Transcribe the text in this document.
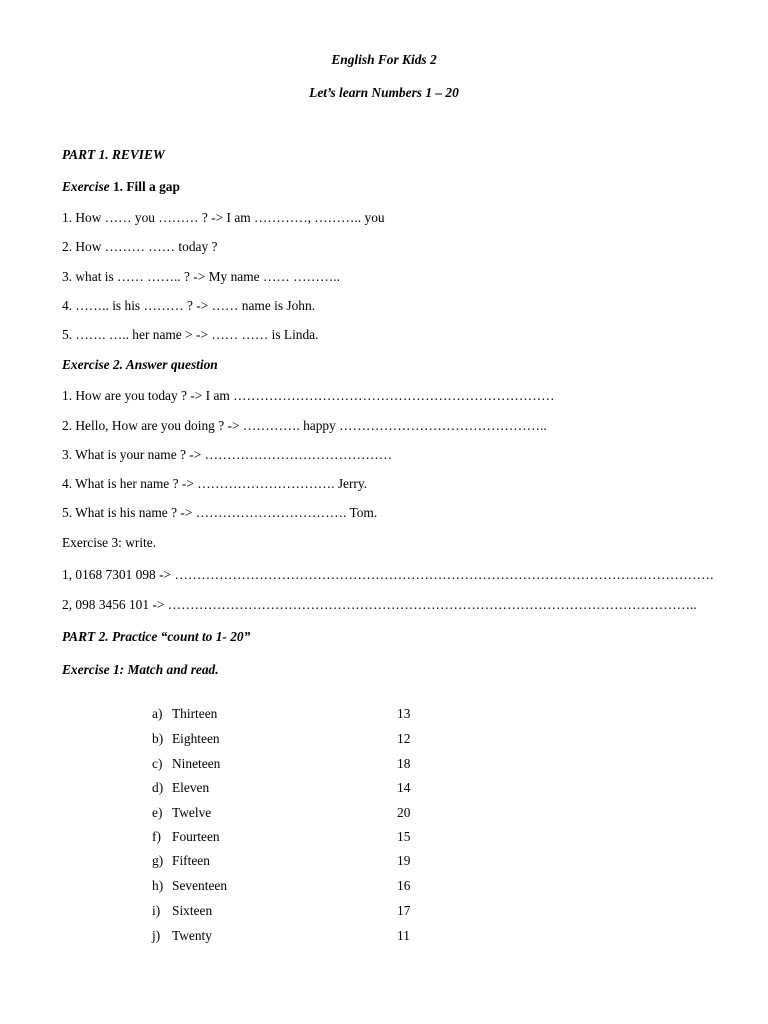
English For Kids 2
Let’s learn Numbers 1 – 20
PART 1. REVIEW
Exercise 1. Fill a gap
1. How …… you ……… ? -> I am …………, ……….. you
2. How ……… …… today ?
3. what is …… …….. ? -> My name …… ………..
4. …….. is his ……… ? -> …… name is John.
5. ……. ….. her name > -> …… …… is Linda.
Exercise 2. Answer question
1. How are you today ? -> I am ………………………………………………………………
2. Hello, How are you doing ? -> …………. happy ………………………………………..
3. What is your name ? -> ……………………………………
4. What is her name ? -> …………………………. Jerry.
5. What is his name ? -> ……………………………. Tom.
Exercise 3: write.
1, 0168 7301 098 -> ………………………………………………………………………………………………………….
2, 098 3456 101 -> ………………………………………………………………………………………………………..
PART 2. Practice “count to 1- 20”
Exercise 1: Match and read.
a) Thirteen	13
b) Eighteen	12
c) Nineteen	18
d) Eleven	14
e) Twelve	20
f) Fourteen	15
g) Fifteen	19
h) Seventeen	16
i) Sixteen	17
j) Twenty	11
